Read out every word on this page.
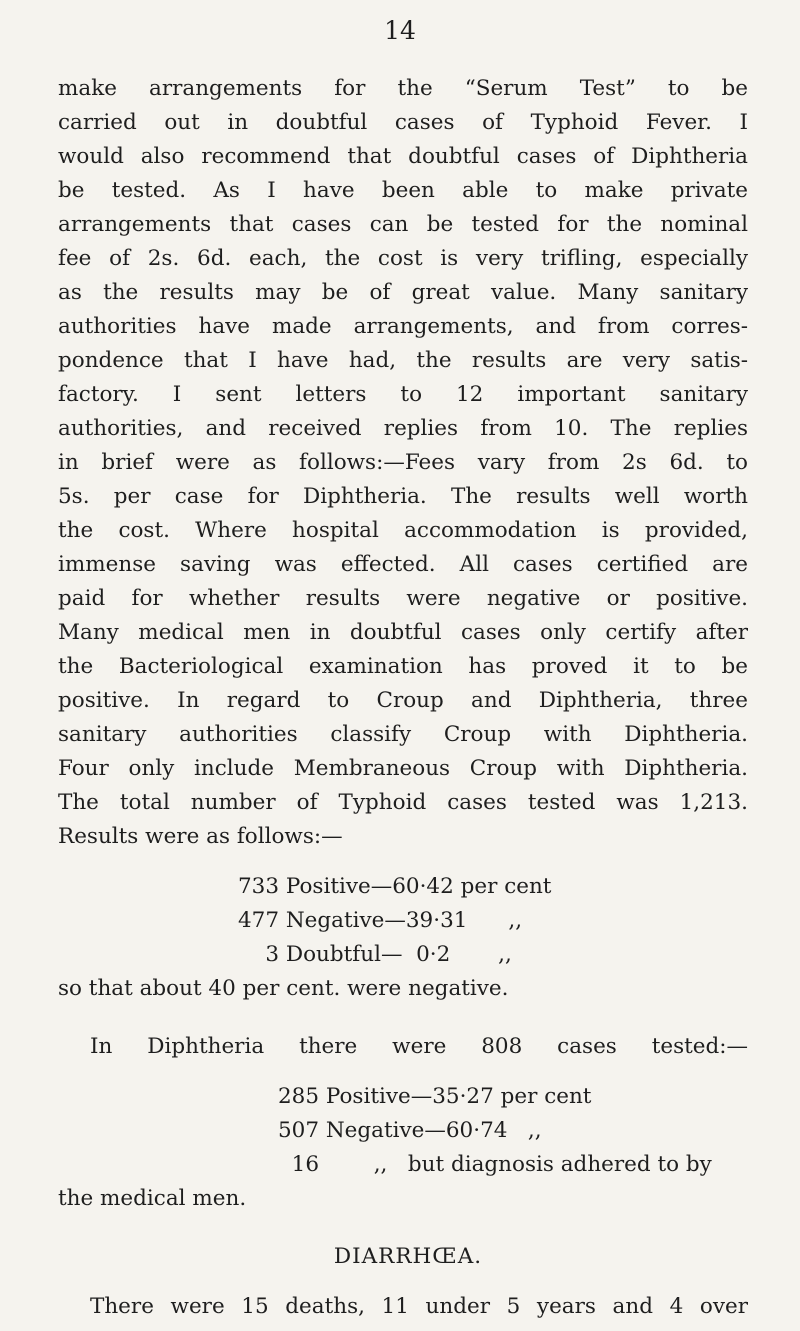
14
make arrangements for the “Serum Test” to be
carried out in doubtful cases of Typhoid Fever. I
would also recommend that doubtful cases of Diphtheria
be tested. As I have been able to make private
arrangements that cases can be tested for the nominal
fee of 2s. 6d. each, the cost is very trifling, especially
as the results may be of great value. Many sanitary
authorities have made arrangements, and from corres-
pondence that I have had, the results are very satis-
factory. I sent letters to 12 important sanitary
authorities, and received replies from 10. The replies
in brief were as follows:—Fees vary from 2s 6d. to
5s. per case for Diphtheria. The results well worth
the cost. Where hospital accommodation is provided,
immense saving was effected. All cases certified are
paid for whether results were negative or positive.
Many medical men in doubtful cases only certify after
the Bacteriological examination has proved it to be
positive. In regard to Croup and Diphtheria, three
sanitary authorities classify Croup with Diphtheria.
Four only include Membraneous Croup with Diphtheria.
The total number of Typhoid cases tested was 1,213.
Results were as follows:—
733 Positive—60·42 per cent
477 Negative—39·31      ,,
3 Doubtful—  0·2       ,,
so that about 40 per cent. were negative.
In Diphtheria there were 808 cases tested:—
285 Positive—35·27 per cent
507 Negative—60·74   ,,
16        ,,   but diagnosis adhered to by
the medical men.
DIARRHŒA.
There were 15 deaths, 11 under 5 years and 4 over
